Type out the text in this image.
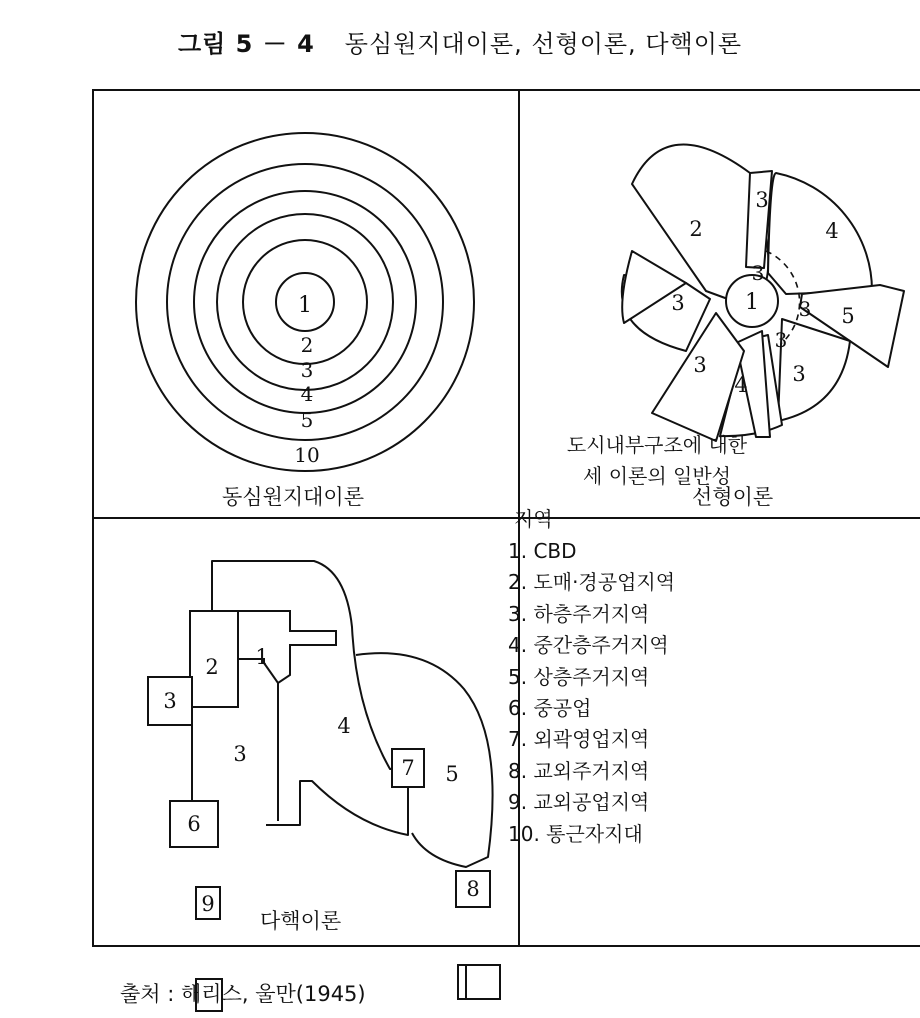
그림 5 － 4 동심원지대이론, 선형이론, 다핵이론
1
2
3
4
5
10
동심원지대이론
1
2
3
3
4
3 5
3
3
4
3
3
선형이론
1
1
2
3
3
4
5
6
7
8
9
다핵이론
도시내부구조에 대한
세 이론의 일반성
지역
1. CBD
2. 도매·경공업지역
3. 하층주거지역
4. 중간층주거지역
5. 상층주거지역
6. 중공업
7. 외곽영업지역
8. 교외주거지역
9. 교외공업지역
10. 통근자지대
출처 : 해리스, 울만(1945)
